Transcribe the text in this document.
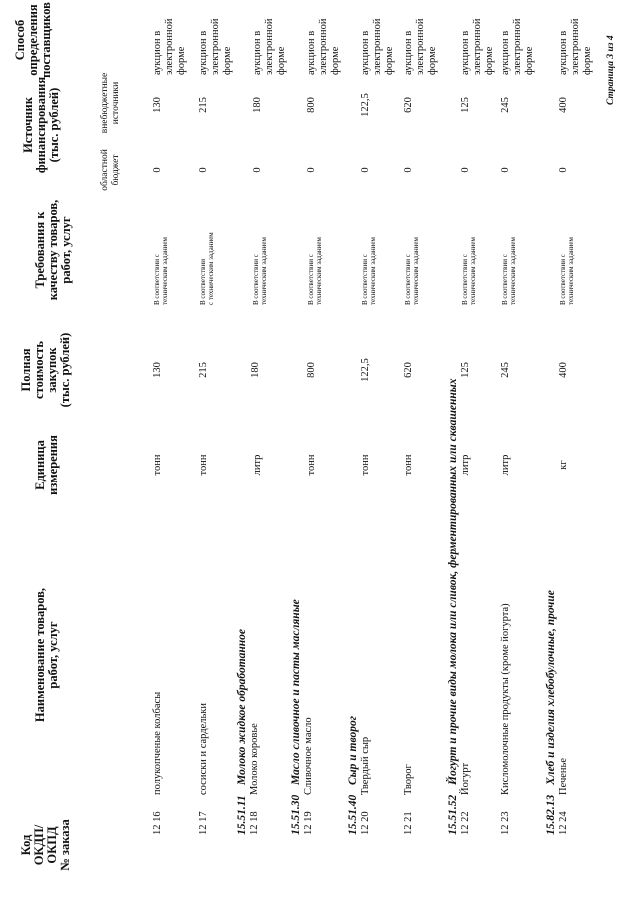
Код ОКДП/ ОКПД № заказа
Наименование товаров, работ, услуг
Единица измерения
Полная стоимость закупок (тыс. рублей)
Требования к качеству товаров, работ, услуг
Источник финансирования (тыс. рублей)
областной бюджет
внебюджетные источники
Способ определения поставщиков
12 16
полукопченые колбасы
тонн
130
В соответствии с техническим заданием
0
130
аукцион в электронной форме
12 17
сосиски и сардельки
тонн
215
В соответствии с техническим заданием
0
215
аукцион в электронной форме
15.51.11
Молоко жидкое обработанное
12 18
Молоко коровье
литр
180
В соответствии с техническим заданием
0
180
аукцион в электронной форме
15.51.30
Масло сливочное и пасты масляные
12 19
Сливочное масло
тонн
800
В соответствии с техническим заданием
0
800
аукцион в электронной форме
15.51.40
Сыр и творог
12 20
Твердый сыр
тонн
122,5
В соответствии с техническим заданием
0
122,5
аукцион в электронной форме
12 21
Творог
тонн
620
В соответствии с техническим заданием
0
620
аукцион в электронной форме
15.51.52
Йогурт и прочие виды молока или сливок, ферментированных или сквашенных
12 22
Йогурт
литр
125
В соответствии с техническим заданием
0
125
аукцион в электронной форме
12 23
Кисломолочные продукты (кроме йогурта)
литр
245
В соответствии с техническим заданием
0
245
аукцион в электронной форме
15.82.13
Хлеб и изделия хлебобулочные, прочие
12 24
Печенье
кг
400
В соответствии с техническим заданием
0
400
аукцион в электронной форме Страница 3 из 4
